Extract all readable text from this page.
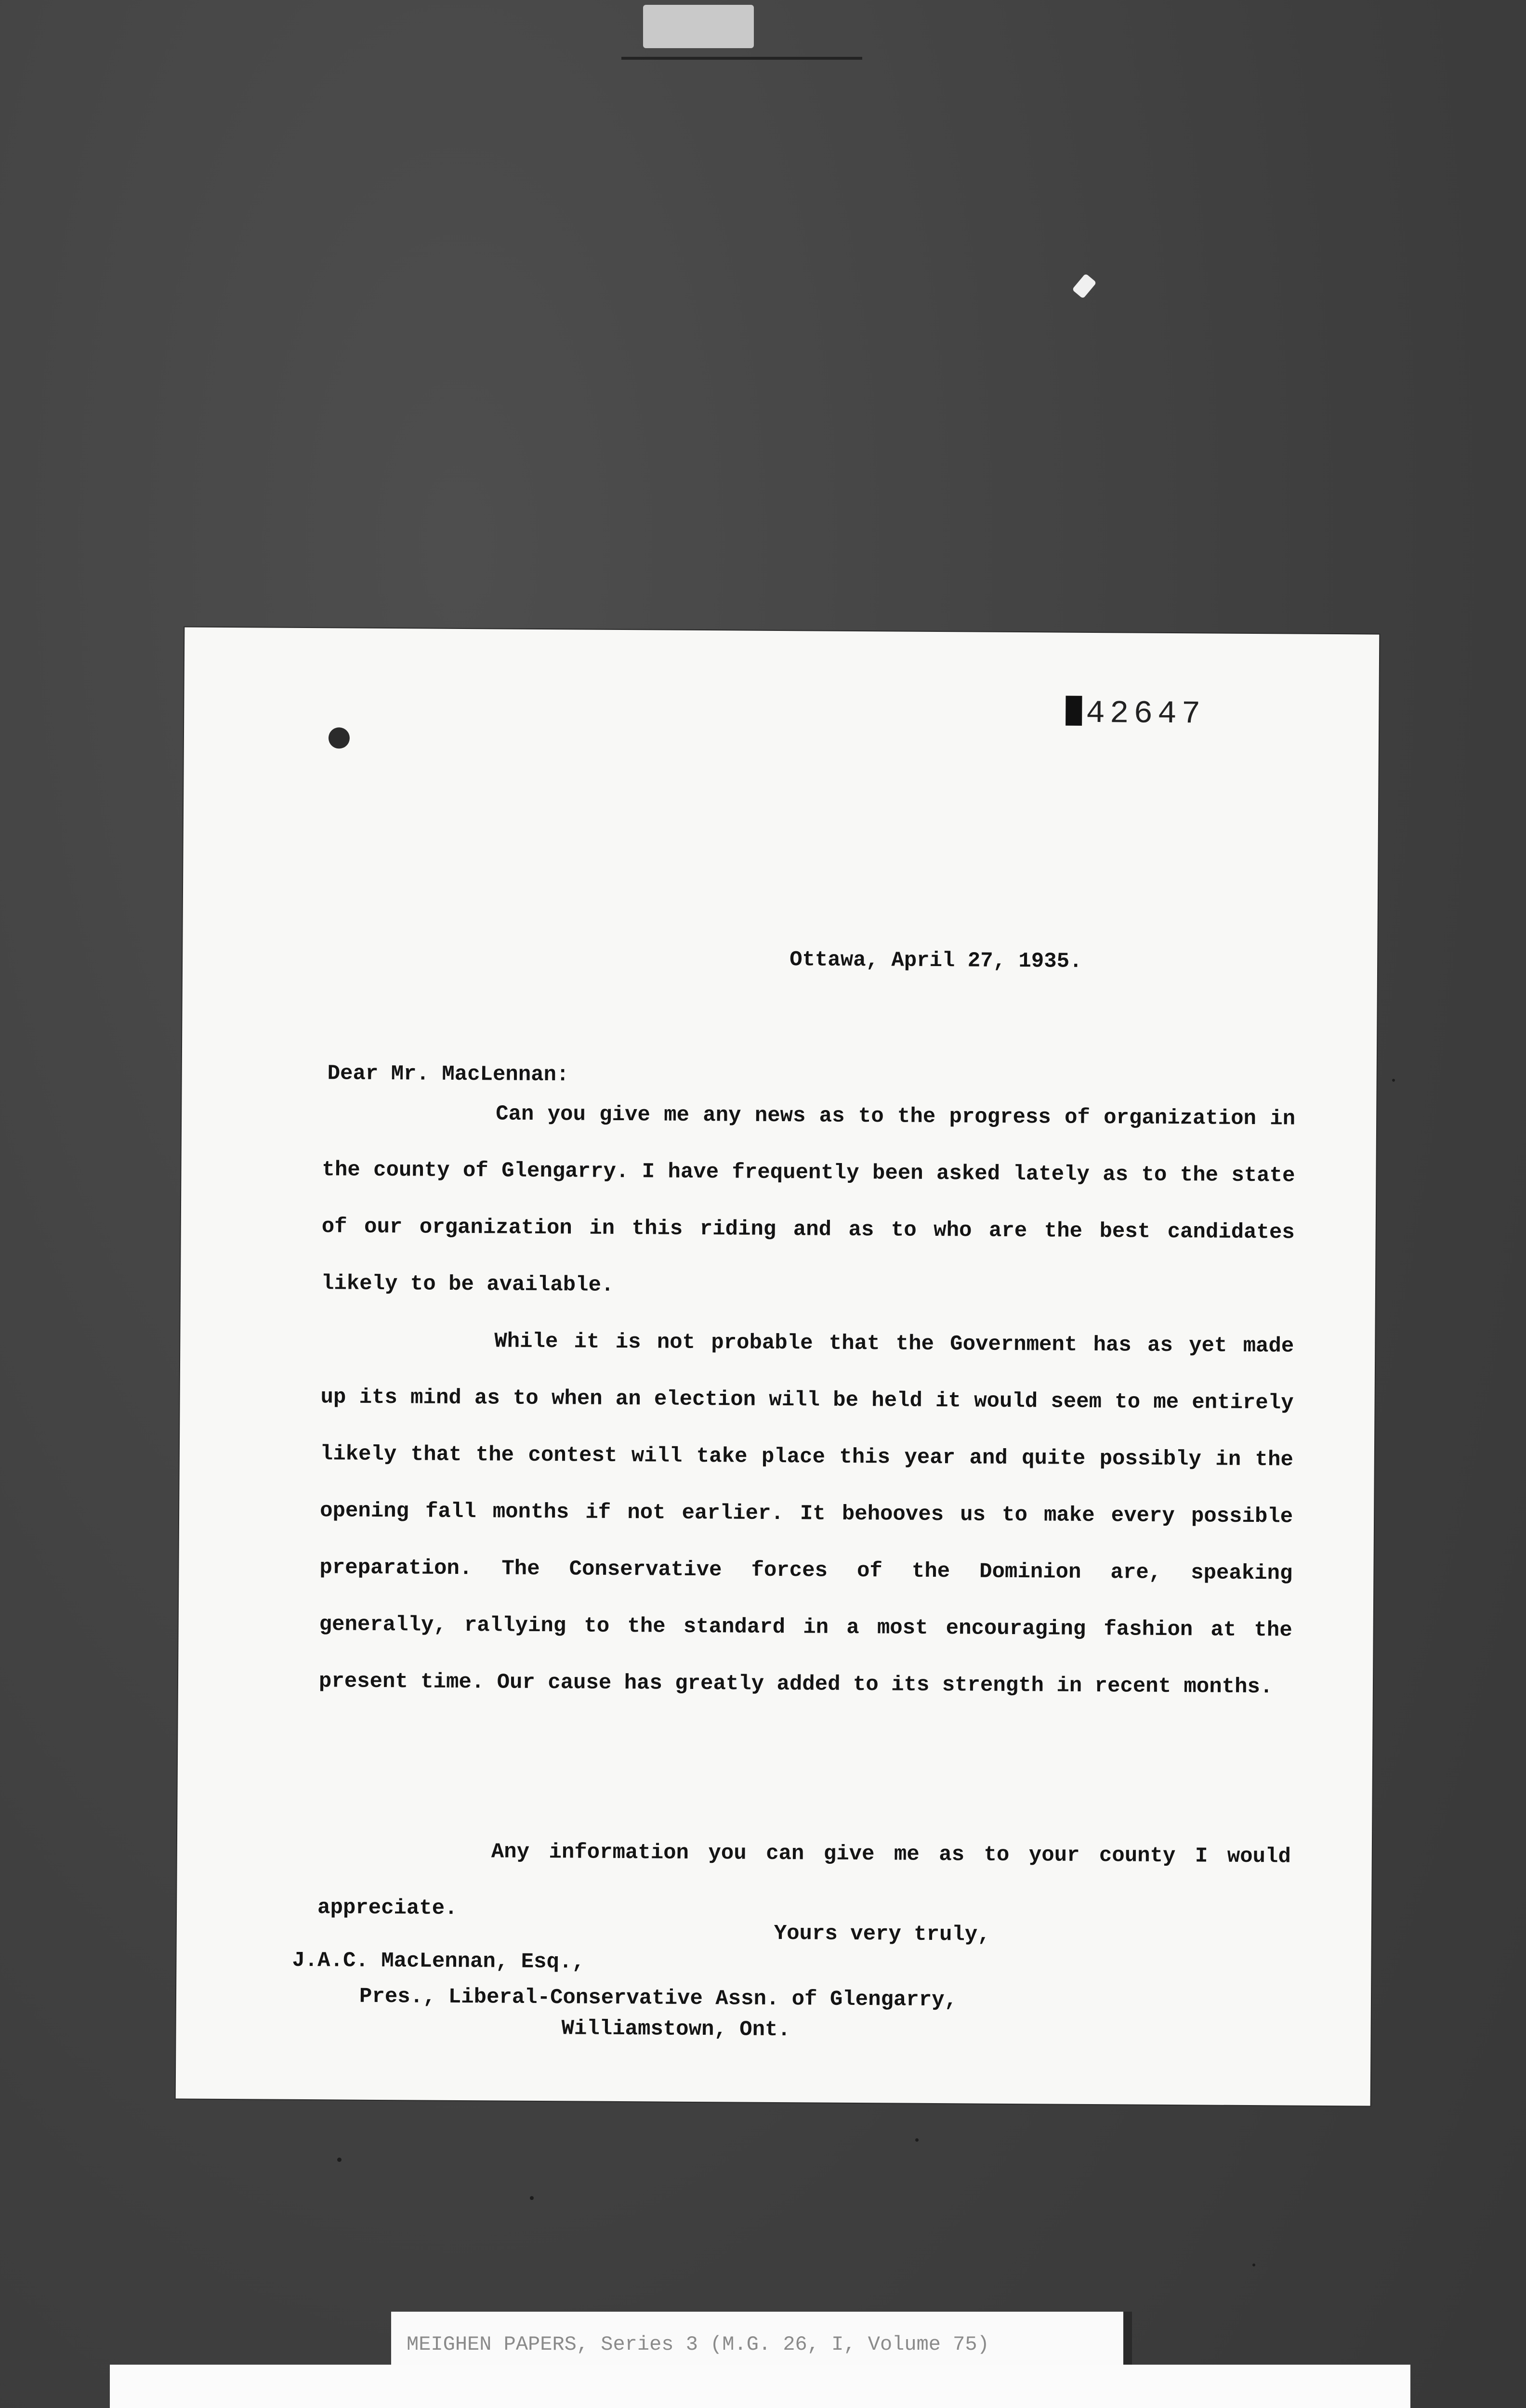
42647
Ottawa, April 27, 1935.
Dear Mr. MacLennan:
Can you give me any news as to the progress of organization in the county of Glengarry. I have frequently been asked lately as to the state of our organization in this riding and as to who are the best candidates likely to be available.
While it is not probable that the Government has as yet made up its mind as to when an election will be held it would seem to me entirely likely that the contest will take place this year and quite possibly in the opening fall months if not earlier. It behooves us to make every possible preparation. The Conservative forces of the Dominion are, speaking generally, rallying to the standard in a most encouraging fashion at the present time. Our cause has greatly added to its strength in recent months.
Any information you can give me as to your county I would appreciate.
Yours very truly,
J.A.C. MacLennan, Esq.,
Pres., Liberal-Conservative Assn. of Glengarry,
Williamstown, Ont.
MEIGHEN PAPERS, Series 3 (M.G. 26, I, Volume 75)
